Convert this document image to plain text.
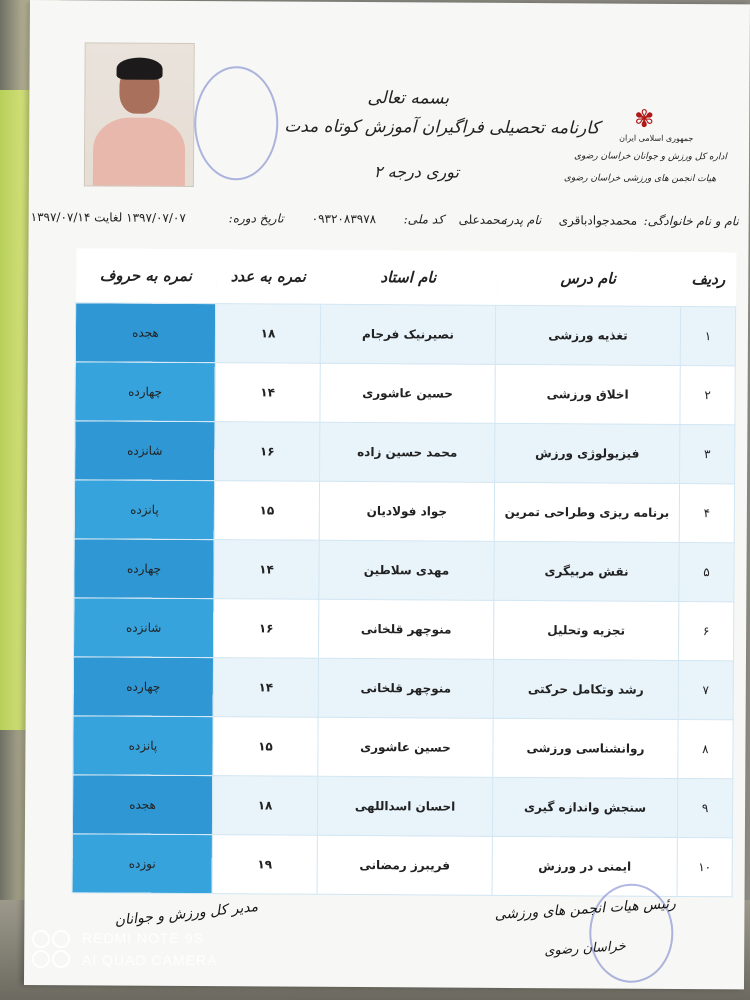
بسمه تعالی
کارنامه تحصیلی فراگیران آموزش کوتاه مدت
توری درجه ۲
✾
جمهوری اسلامی ایران
اداره کل ورزش و جوانان خراسان رضوی
هیات انجمن های ورزشی خراسان رضوی
نام و نام خانوادگی:
محمدجوادباقری
نام پدر:
محمدعلی
کد ملی:
۰۹۳۲۰۸۳۹۷۸
تاریخ دوره:
۱۳۹۷/۰۷/۰۷ لغایت ۱۳۹۷/۰۷/۱۴
نمره به حروف	نمره به عدد	نام استاد	نام درس	ردیف
هجده	۱۸	نصیرنیک فرجام	تغذیه ورزشی	۱
چهارده	۱۴	حسین عاشوری	اخلاق ورزشی	۲
شانزده	۱۶	محمد حسین زاده	فیزیولوژی ورزش	۳
پانزده	۱۵	جواد فولادیان	برنامه ریزی وطراحی تمرین	۴
چهارده	۱۴	مهدی سلاطین	نقش مربیگری	۵
شانزده	۱۶	منوچهر قلخانی	تجزیه وتحلیل	۶
چهارده	۱۴	منوچهر قلخانی	رشد وتکامل حرکتی	۷
پانزده	۱۵	حسین عاشوری	روانشناسی ورزشی	۸
هجده	۱۸	احسان اسداللهی	سنجش واندازه گیری	۹
نوزده	۱۹	فریبرز رمضانی	ایمنی در ورزش	۱۰
مدیر کل ورزش و جوانان	رئیس هیات انجمن های ورزشی
خراسان رضوی
REDMI NOTE 9S
AI QUAD CAMERA
